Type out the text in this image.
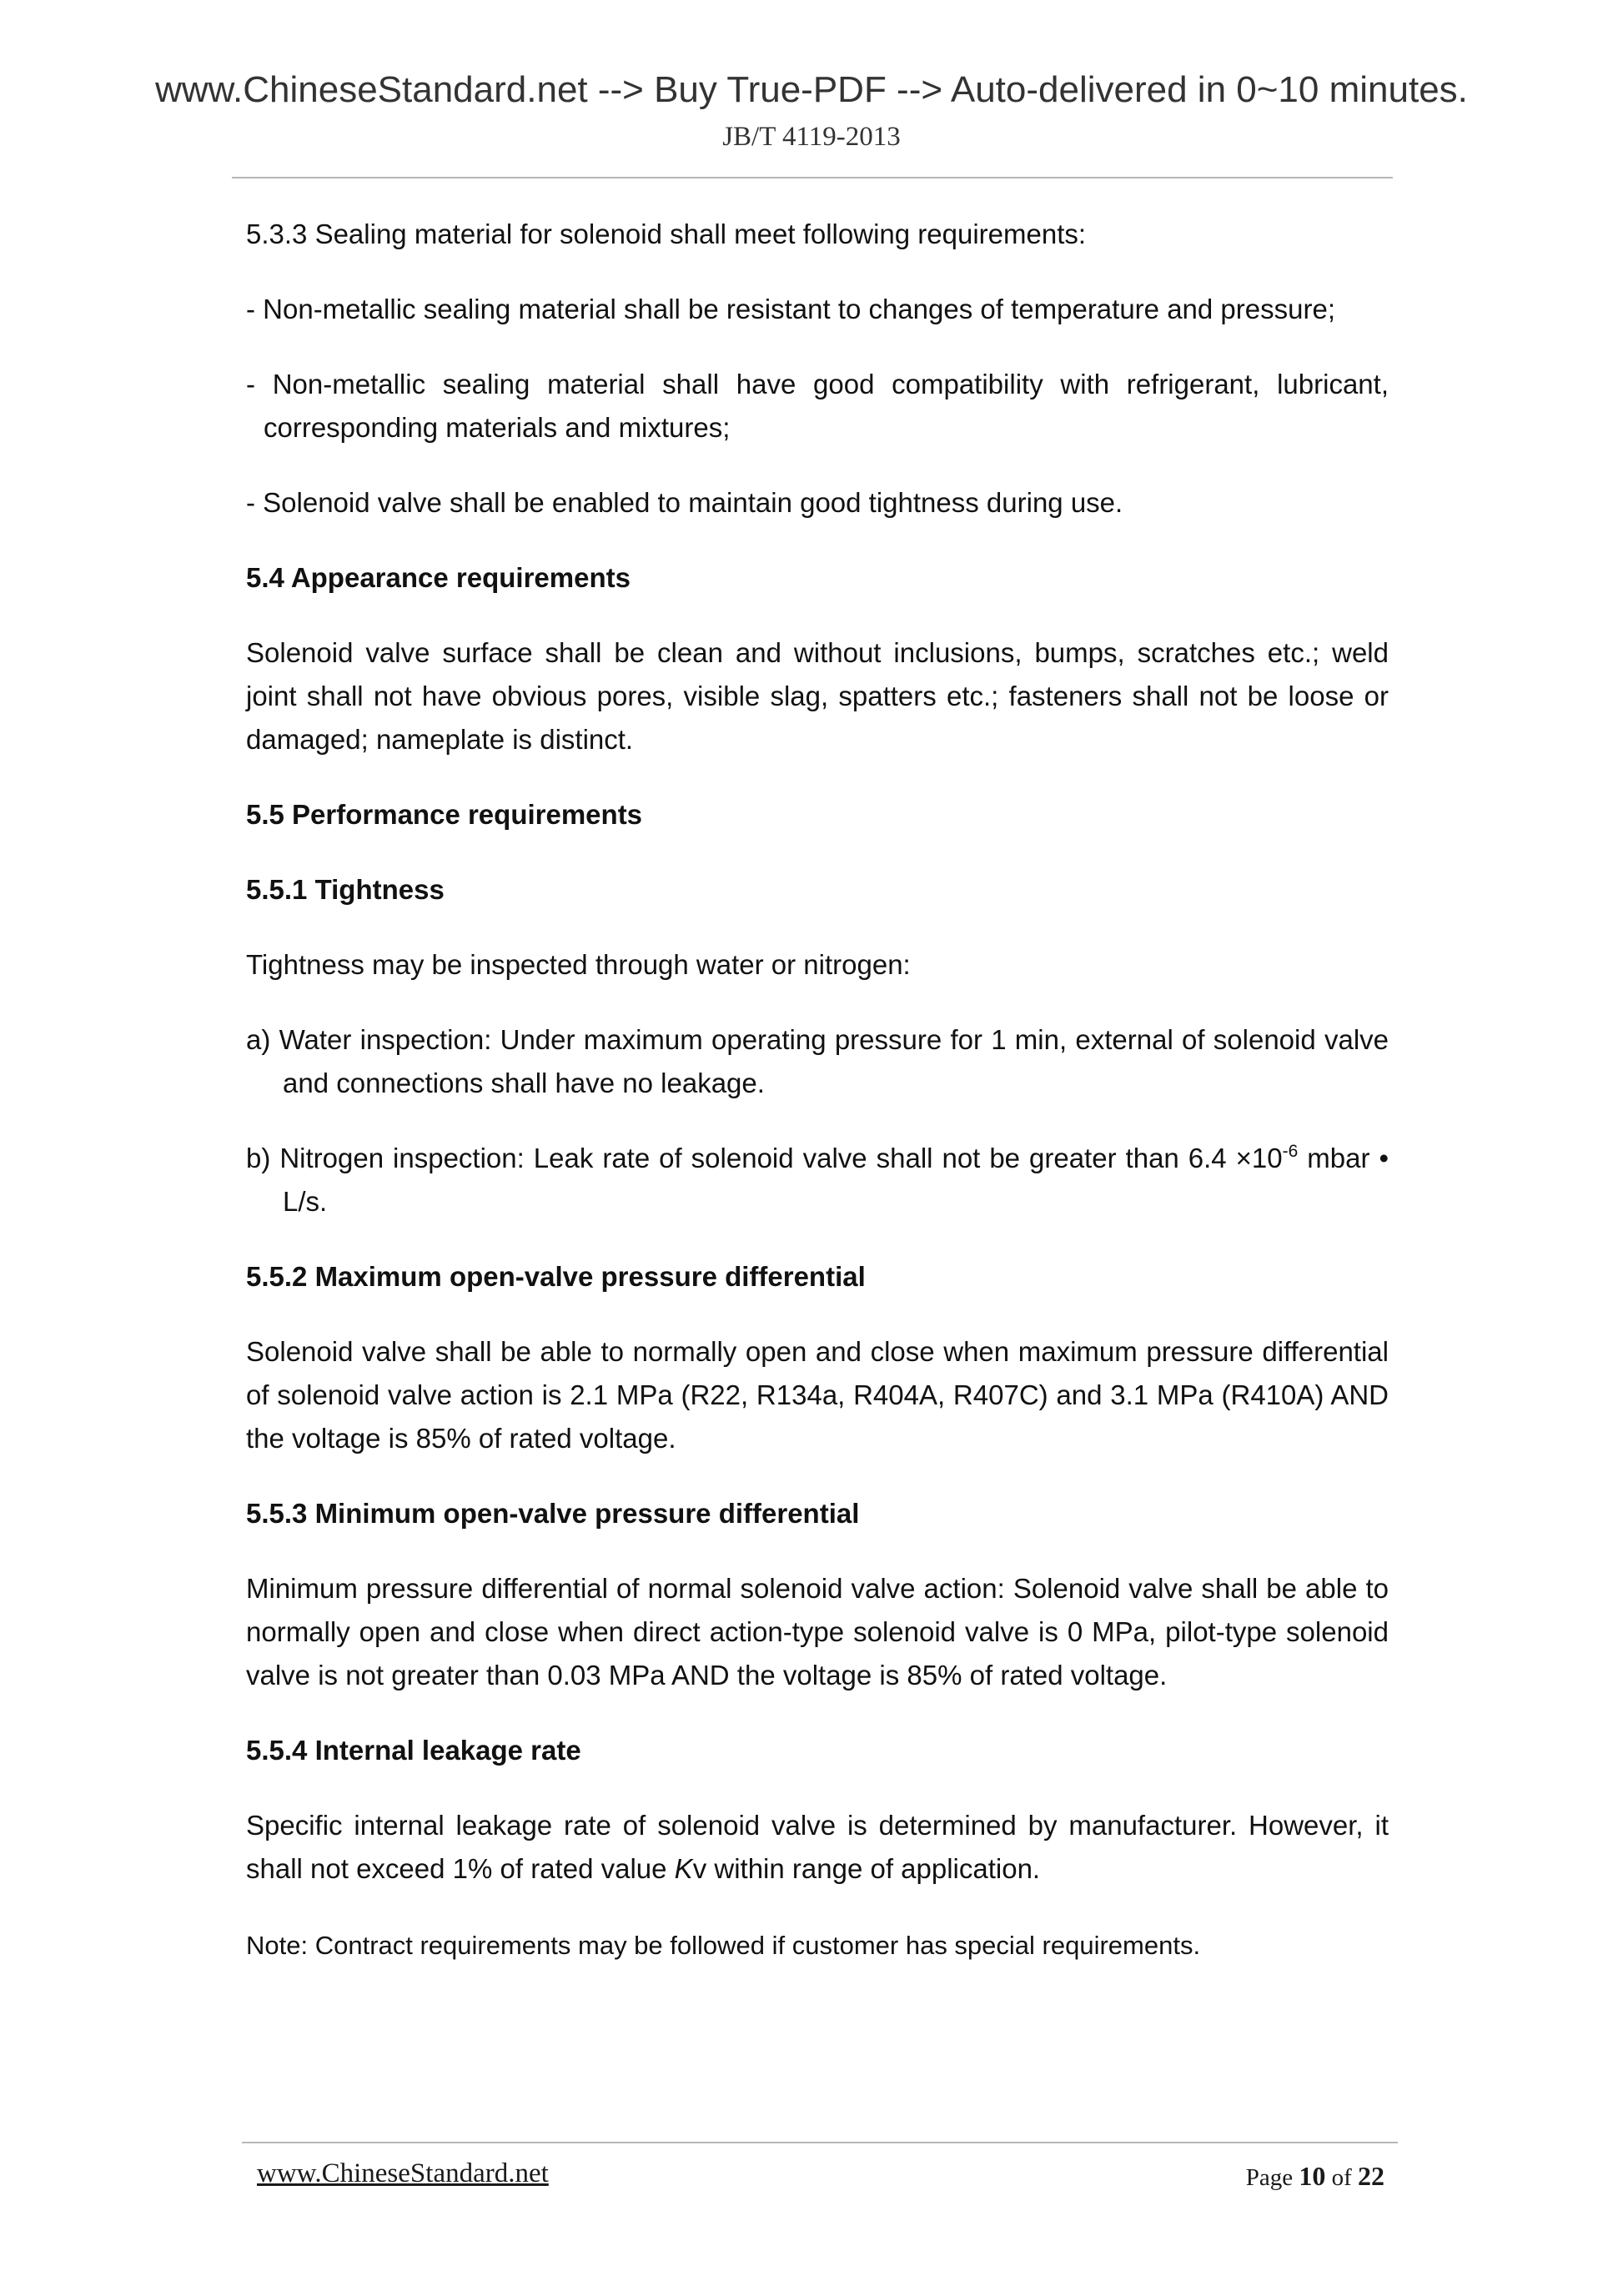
www.ChineseStandard.net --> Buy True-PDF --> Auto-delivered in 0~10 minutes.
JB/T 4119-2013

5.3.3 Sealing material for solenoid shall meet following requirements:

- Non-metallic sealing material shall be resistant to changes of temperature and pressure;

- Non-metallic sealing material shall have good compatibility with refrigerant, lubricant, corresponding materials and mixtures;

- Solenoid valve shall be enabled to maintain good tightness during use.

5.4 Appearance requirements

Solenoid valve surface shall be clean and without inclusions, bumps, scratches etc.; weld joint shall not have obvious pores, visible slag, spatters etc.; fasteners shall not be loose or damaged; nameplate is distinct.

5.5 Performance requirements

5.5.1 Tightness

Tightness may be inspected through water or nitrogen:

a) Water inspection: Under maximum operating pressure for 1 min, external of solenoid valve and connections shall have no leakage.

b) Nitrogen inspection: Leak rate of solenoid valve shall not be greater than $6.4 \times 10^{-6}$ mbar • L/s.

5.5.2 Maximum open-valve pressure differential

Solenoid valve shall be able to normally open and close when maximum pressure differential of solenoid valve action is 2.1 MPa (R22, R134a, R404A, R407C) and 3.1 MPa (R410A) AND the voltage is 85% of rated voltage.

5.5.3 Minimum open-valve pressure differential

Minimum pressure differential of normal solenoid valve action: Solenoid valve shall be able to normally open and close when direct action-type solenoid valve is 0 MPa, pilot-type solenoid valve is not greater than 0.03 MPa AND the voltage is 85% of rated voltage.

5.5.4 Internal leakage rate

Specific internal leakage rate of solenoid valve is determined by manufacturer. However, it shall not exceed 1% of rated value Kv within range of application.

Note: Contract requirements may be followed if customer has special requirements.

www.ChineseStandard.net	Page 10 of 22
